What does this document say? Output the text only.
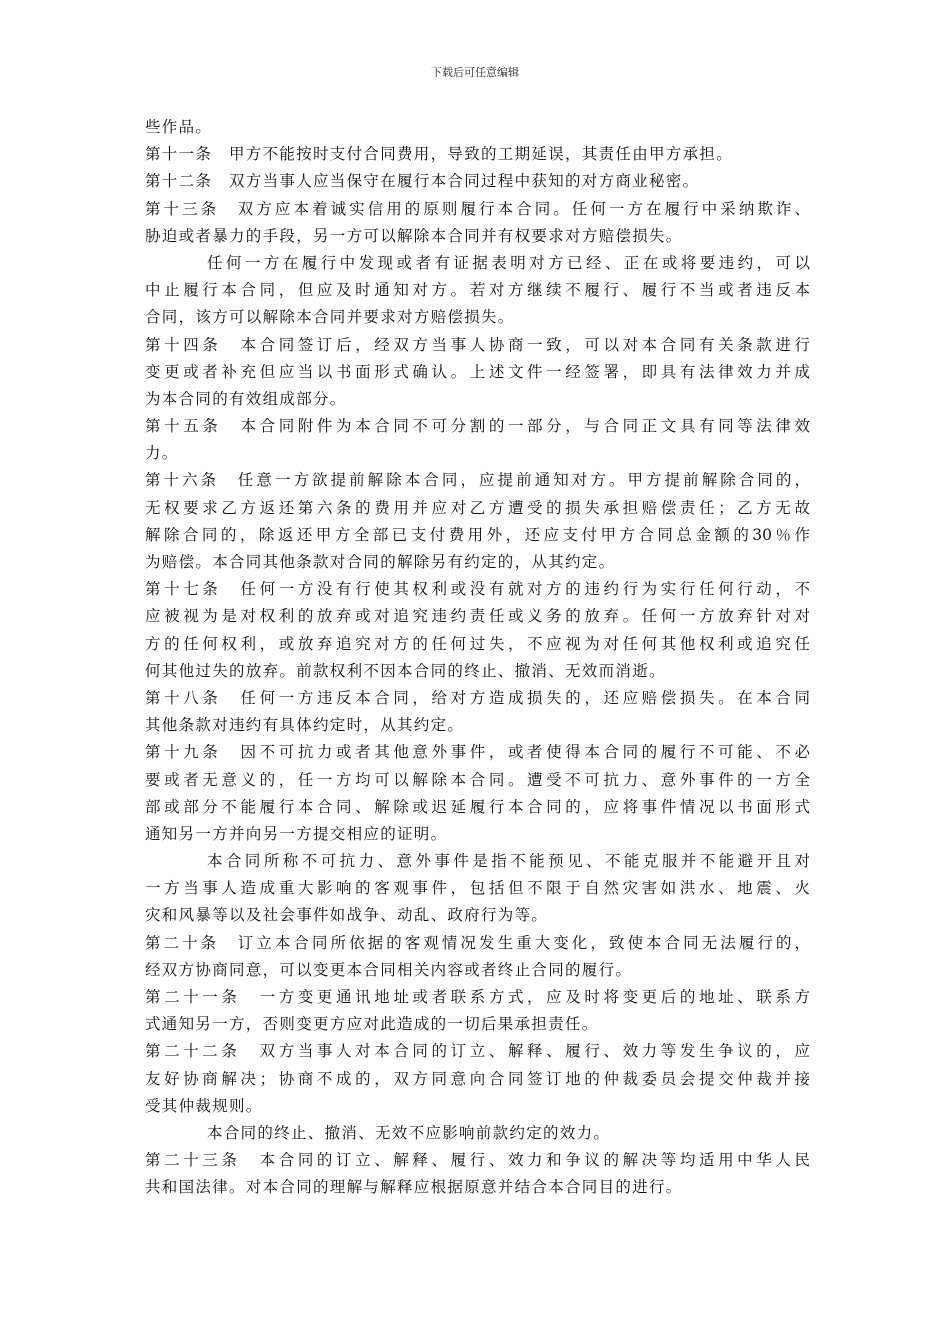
下载后可任意编辑
些作品。
第十一条　甲方不能按时支付合同费用，导致的工期延误，其责任由甲方承担。
第十二条　双方当事人应当保守在履行本合同过程中获知的对方商业秘密。
第十三条　双方应本着诚实信用的原则履行本合同。任何一方在履行中采纳欺诈、
胁迫或者暴力的手段，另一方可以解除本合同并有权要求对方赔偿损失。
任何一方在履行中发现或者有证据表明对方已经、正在或将要违约，可以
中止履行本合同，但应及时通知对方。若对方继续不履行、履行不当或者违反本
合同，该方可以解除本合同并要求对方赔偿损失。
第十四条　本合同签订后，经双方当事人协商一致，可以对本合同有关条款进行
变更或者补充但应当以书面形式确认。上述文件一经签署，即具有法律效力并成
为本合同的有效组成部分。
第十五条　本合同附件为本合同不可分割的一部分，与合同正文具有同等法律效
力。
第十六条　任意一方欲提前解除本合同，应提前通知对方。甲方提前解除合同的，
无权要求乙方返还第六条的费用并应对乙方遭受的损失承担赔偿责任；乙方无故
解除合同的，除返还甲方全部已支付费用外，还应支付甲方合同总金额的30％作
为赔偿。本合同其他条款对合同的解除另有约定的，从其约定。
第十七条　任何一方没有行使其权利或没有就对方的违约行为实行任何行动，不
应被视为是对权利的放弃或对追究违约责任或义务的放弃。任何一方放弃针对对
方的任何权利，或放弃追究对方的任何过失，不应视为对任何其他权利或追究任
何其他过失的放弃。前款权利不因本合同的终止、撤消、无效而消逝。
第十八条　任何一方违反本合同，给对方造成损失的，还应赔偿损失。在本合同
其他条款对违约有具体约定时，从其约定。
第十九条　因不可抗力或者其他意外事件，或者使得本合同的履行不可能、不必
要或者无意义的，任一方均可以解除本合同。遭受不可抗力、意外事件的一方全
部或部分不能履行本合同、解除或迟延履行本合同的，应将事件情况以书面形式
通知另一方并向另一方提交相应的证明。
本合同所称不可抗力、意外事件是指不能预见、不能克服并不能避开且对
一方当事人造成重大影响的客观事件，包括但不限于自然灾害如洪水、地震、火
灾和风暴等以及社会事件如战争、动乱、政府行为等。
第二十条　订立本合同所依据的客观情况发生重大变化，致使本合同无法履行的，
经双方协商同意，可以变更本合同相关内容或者终止合同的履行。
第二十一条　一方变更通讯地址或者联系方式，应及时将变更后的地址、联系方
式通知另一方，否则变更方应对此造成的一切后果承担责任。
第二十二条　双方当事人对本合同的订立、解释、履行、效力等发生争议的，应
友好协商解决；协商不成的，双方同意向合同签订地的仲裁委员会提交仲裁并接
受其仲裁规则。
本合同的终止、撤消、无效不应影响前款约定的效力。
第二十三条　本合同的订立、解释、履行、效力和争议的解决等均适用中华人民
共和国法律。对本合同的理解与解释应根据原意并结合本合同目的进行。
